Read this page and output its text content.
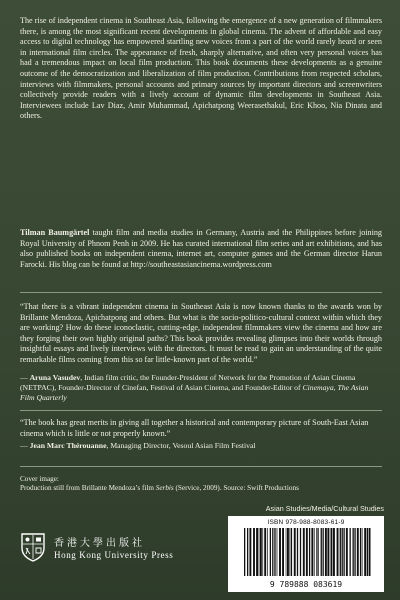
The rise of independent cinema in Southeast Asia, following the emergence of a new generation of filmmakers there, is among the most significant recent developments in global cinema. The advent of affordable and easy access to digital technology has empowered startling new voices from a part of the world rarely heard or seen in international film circles. The appearance of fresh, sharply alternative, and often very personal voices has had a tremendous impact on local film production. This book documents these developments as a genuine outcome of the democratization and liberalization of film production. Contributions from respected scholars, interviews with filmmakers, personal accounts and primary sources by important directors and screenwriters collectively provide readers with a lively account of dynamic film developments in Southeast Asia. Interviewees include Lav Diaz, Amir Muhammad, Apichatpong Weerasethakul, Eric Khoo, Nia Dinata and others.

Tilman Baumgärtel taught film and media studies in Germany, Austria and the Philippines before joining Royal University of Phnom Penh in 2009. He has curated international film series and art exhibitions, and has also published books on independent cinema, internet art, computer games and the German director Harun Farocki. His blog can be found at http://southeastasiancinema.wordpress.com

“That there is a vibrant independent cinema in Southeast Asia is now known thanks to the awards won by Brillante Mendoza, Apichatpong and others. But what is the socio-politico-cultural context within which they are working? How do these iconoclastic, cutting-edge, independent filmmakers view the cinema and how are they forging their own highly original paths? This book provides revealing glimpses into their worlds through insightful essays and lively interviews with the directors. It must be read to gain an understanding of the quite remarkable films coming from this so far little-known part of the world.”

— Aruna Vasudev, Indian film critic, the Founder-President of Network for the Promotion of Asian Cinema (NETPAC), Founder-Director of Cinefan, Festival of Asian Cinema, and Founder-Editor of Cinemaya, The Asian Film Quarterly

“The book has great merits in giving all together a historical and contemporary picture of South-East Asian cinema which is little or not properly known.”

— Jean Marc Thérouanne, Managing Director, Vesoul Asian Film Festival

Cover image:
Production still from Brillante Mendoza’s film Serbis (Service, 2009). Source: Swift Productions

Asian Studies/Media/Cultural Studies
ISBN 978-988-8083-61-9
9 789888 083619
香港大學出版社
Hong Kong University Press
